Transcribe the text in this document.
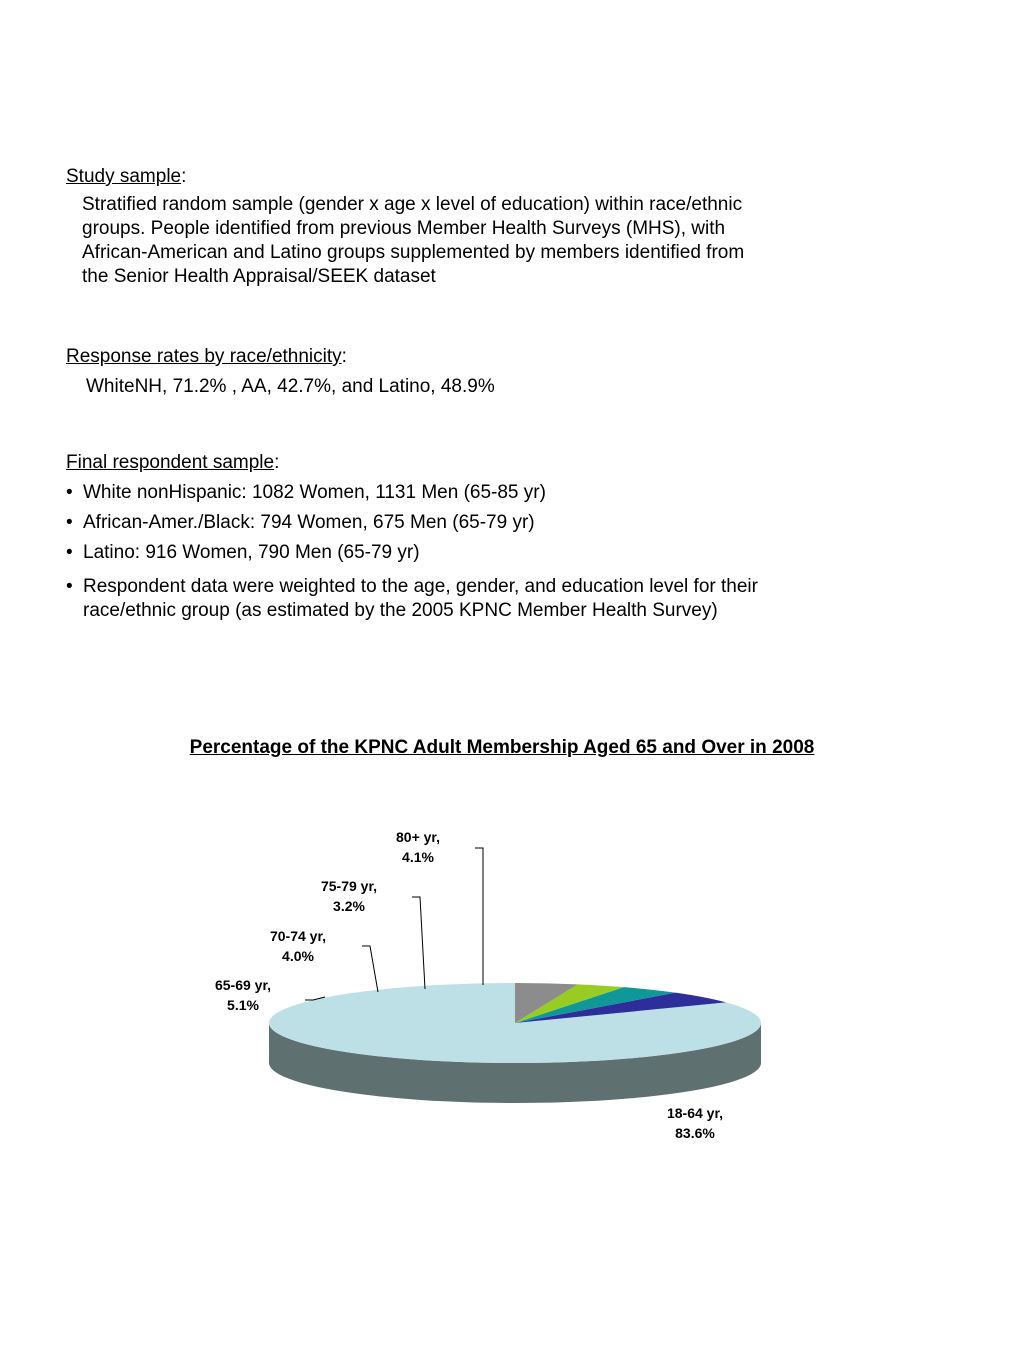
Study sample:

Stratified random sample (gender x age x level of education) within race/ethnic
groups. People identified from previous Member Health Surveys (MHS), with
African-American and Latino groups supplemented by members identified from
the Senior Health Appraisal/SEEK dataset

Response rates by race/ethnicity:

WhiteNH, 71.2% , AA, 42.7%, and Latino, 48.9%

Final respondent sample:

• White nonHispanic: 1082 Women, 1131 Men (65-85 yr)
• African-Amer./Black: 794 Women, 675 Men (65-79 yr)
• Latino: 916 Women, 790 Men (65-79 yr)
• Respondent data were weighted to the age, gender, and education level for their
race/ethnic group (as estimated by the 2005 KPNC Member Health Survey)
Percentage of the KPNC Adult Membership Aged 65 and Over in 2008
18-64 yr,
83.6%
65-69 yr,
5.1%
70-74 yr,
4.0%
75-79 yr,
3.2%
80+ yr,
4.1%
